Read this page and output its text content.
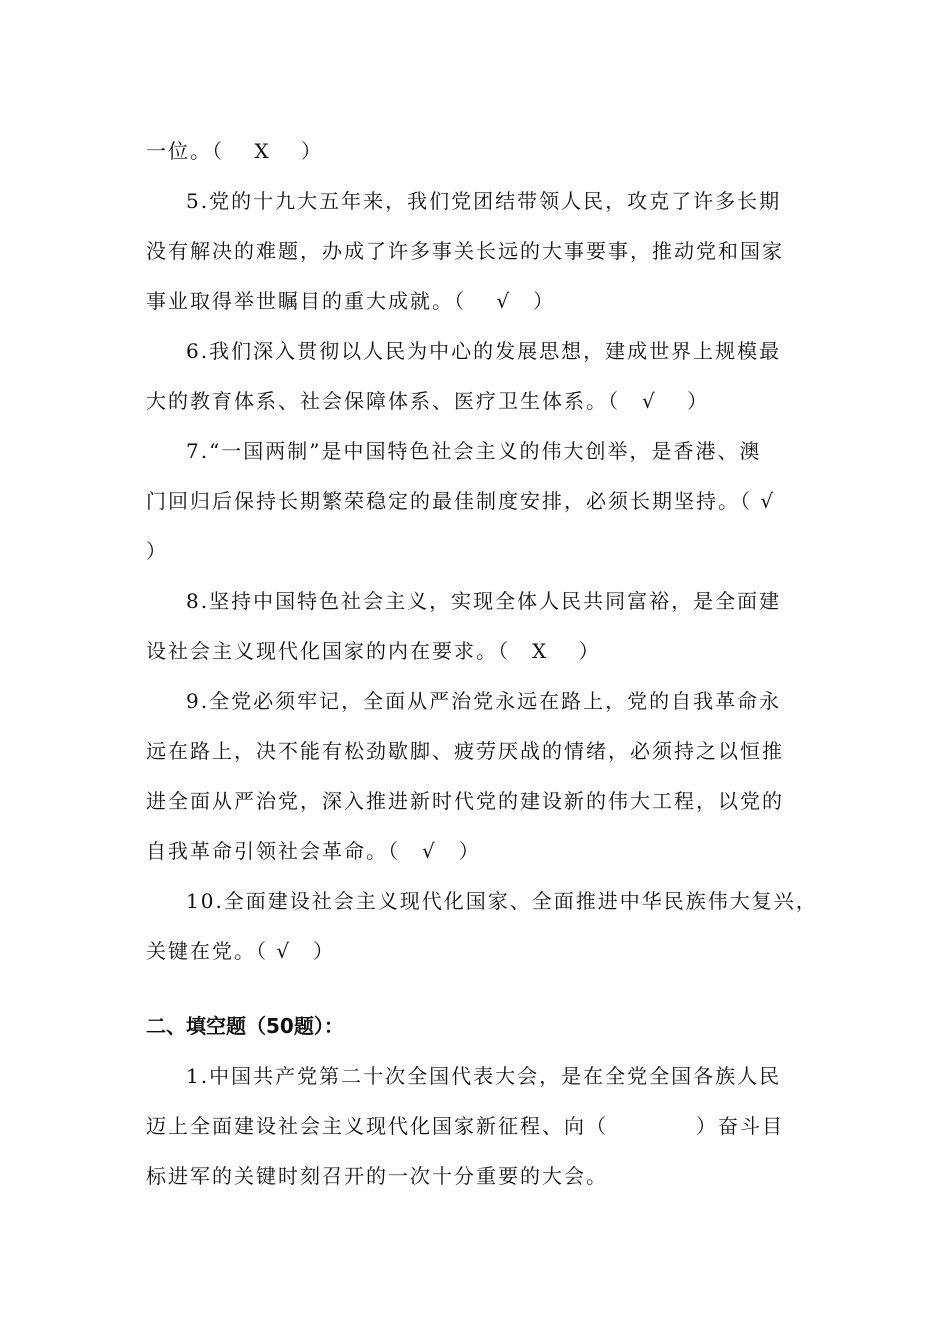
一位。（　 X　 ）
5.党的十九大五年来，我们党团结带领人民，攻克了许多长期
没有解决的难题，办成了许多事关长远的大事要事，推动党和国家
事业取得举世瞩目的重大成就。（　 √　）
6.我们深入贯彻以人民为中心的发展思想，建成世界上规模最
大的教育体系、社会保障体系、医疗卫生体系。（　√　 ）
7.“一国两制”是中国特色社会主义的伟大创举，是香港、澳
门回归后保持长期繁荣稳定的最佳制度安排，必须长期坚持。（ √
）
8.坚持中国特色社会主义，实现全体人民共同富裕，是全面建
设社会主义现代化国家的内在要求。（　X　 ）
9.全党必须牢记，全面从严治党永远在路上，党的自我革命永
远在路上，决不能有松劲歇脚、疲劳厌战的情绪，必须持之以恒推
进全面从严治党，深入推进新时代党的建设新的伟大工程，以党的
自我革命引领社会革命。（　√　）
10.全面建设社会主义现代化国家、全面推进中华民族伟大复兴，
关键在党。（ √　）
二、填空题（50题）：
1.中国共产党第二十次全国代表大会，是在全党全国各族人民
迈上全面建设社会主义现代化国家新征程、向（　　　　）奋斗目
标进军的关键时刻召开的一次十分重要的大会。
